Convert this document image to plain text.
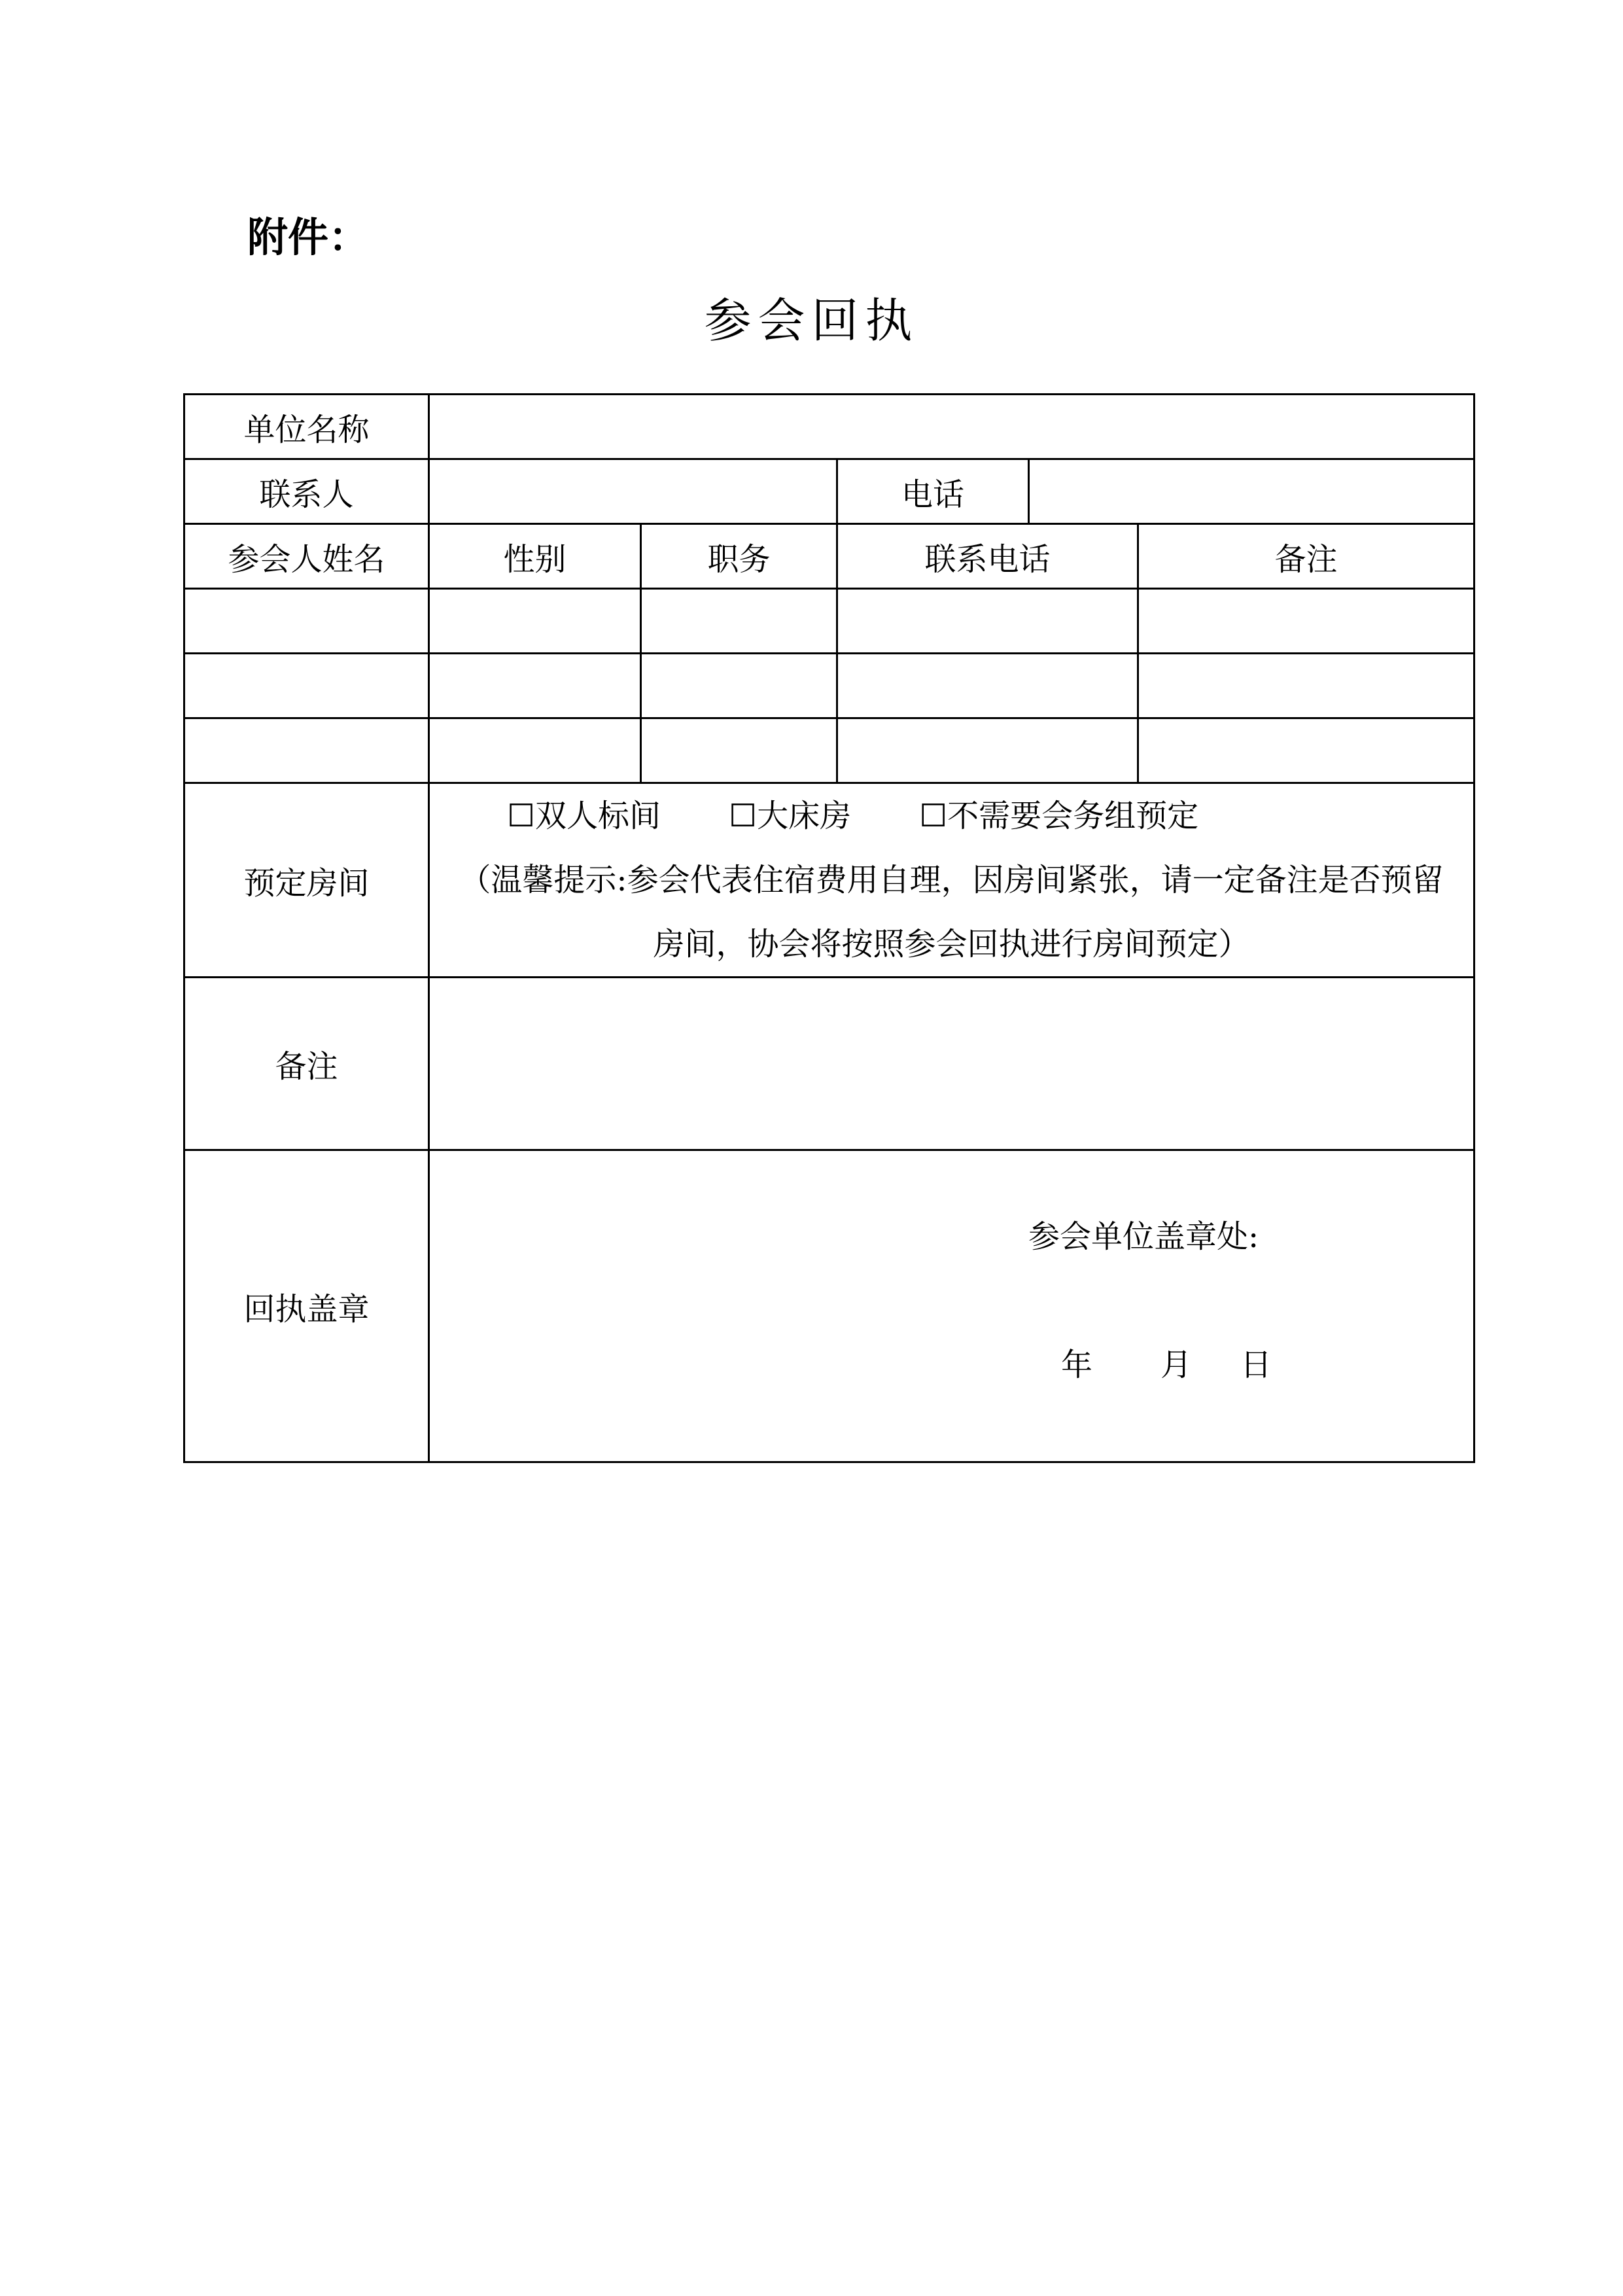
附件：
参会回执
单位名称					
联系人			电话		
参会人姓名	性别	职务	联系电话		备注

预定房间	☐双人标间 ☐大床房 ☐不需要会务组预定
（温馨提示:参会代表住宿费用自理，因房间紧张，请一定备注是否预留
房间，协会将按照参会回执进行房间预定）				

备注					
回执盖章	参会单位盖章处:
年 月 日				
